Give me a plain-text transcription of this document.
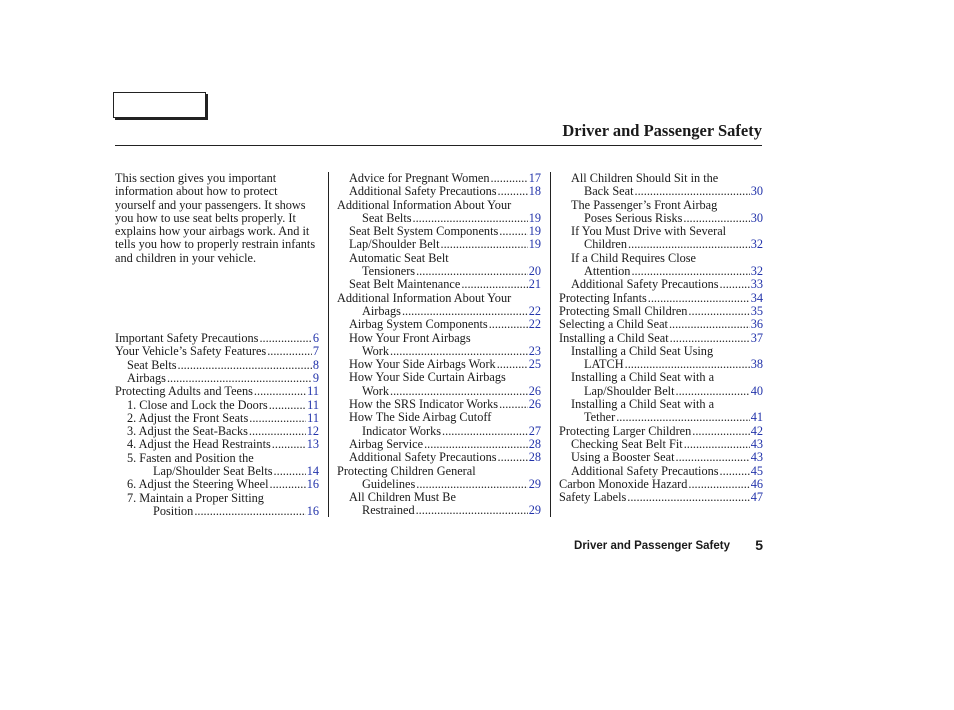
Driver and Passenger Safety

This section gives you important information about how to protect yourself and your passengers. It shows you how to use seat belts properly. It explains how your airbags work. And it tells you how to properly restrain infants and children in your vehicle.

Important Safety Precautions .....	6
Your Vehicle’s Safety Features .....	7
Seat Belts .....	8
Airbags .....	9
Protecting Adults and Teens .....	11
1. Close and Lock the Doors .....	11
2. Adjust the Front Seats .....	11
3. Adjust the Seat-Backs .....	12
4. Adjust the Head Restraints .....	13
5. Fasten and Position the
Lap/Shoulder Seat Belts .....	14
6. Adjust the Steering Wheel .....	16
7. Maintain a Proper Sitting
Position .....	16
Advice for Pregnant Women .....	17
Additional Safety Precautions .....	18
Additional Information About Your
Seat Belts .....	19
Seat Belt System Components ..... 19
Lap/Shoulder Belt .....	19
Automatic Seat Belt
Tensioners .....	20
Seat Belt Maintenance .....	21
Additional Information About Your
Airbags .....	22
Airbag System Components .....	22
How Your Front Airbags
Work .....	23
How Your Side Airbags Work .....	25
How Your Side Curtain Airbags
Work .....	26
How the SRS Indicator Works ..... 26
How The Side Airbag Cutoff
Indicator Works .....	27
Airbag Service .....	28
Additional Safety Precautions .....	28
Protecting Children General
Guidelines .....	29
All Children Must Be
Restrained .....	29
All Children Should Sit in the
Back Seat .....	30
The Passenger’s Front Airbag
Poses Serious Risks .....	30
If You Must Drive with Several
Children .....	32
If a Child Requires Close
Attention .....	32
Additional Safety Precautions .....	33
Protecting Infants .....	34
Protecting Small Children .....	35
Selecting a Child Seat .....	36
Installing a Child Seat .....	37
Installing a Child Seat Using
LATCH .....	38
Installing a Child Seat with a
Lap/Shoulder Belt .....	40
Installing a Child Seat with a
Tether .....	41
Protecting Larger Children .....	42
Checking Seat Belt Fit .....	43
Using a Booster Seat .....	43
Additional Safety Precautions .....	45
Carbon Monoxide Hazard .....	46
Safety Labels .....	47
Driver and Passenger Safety 5
